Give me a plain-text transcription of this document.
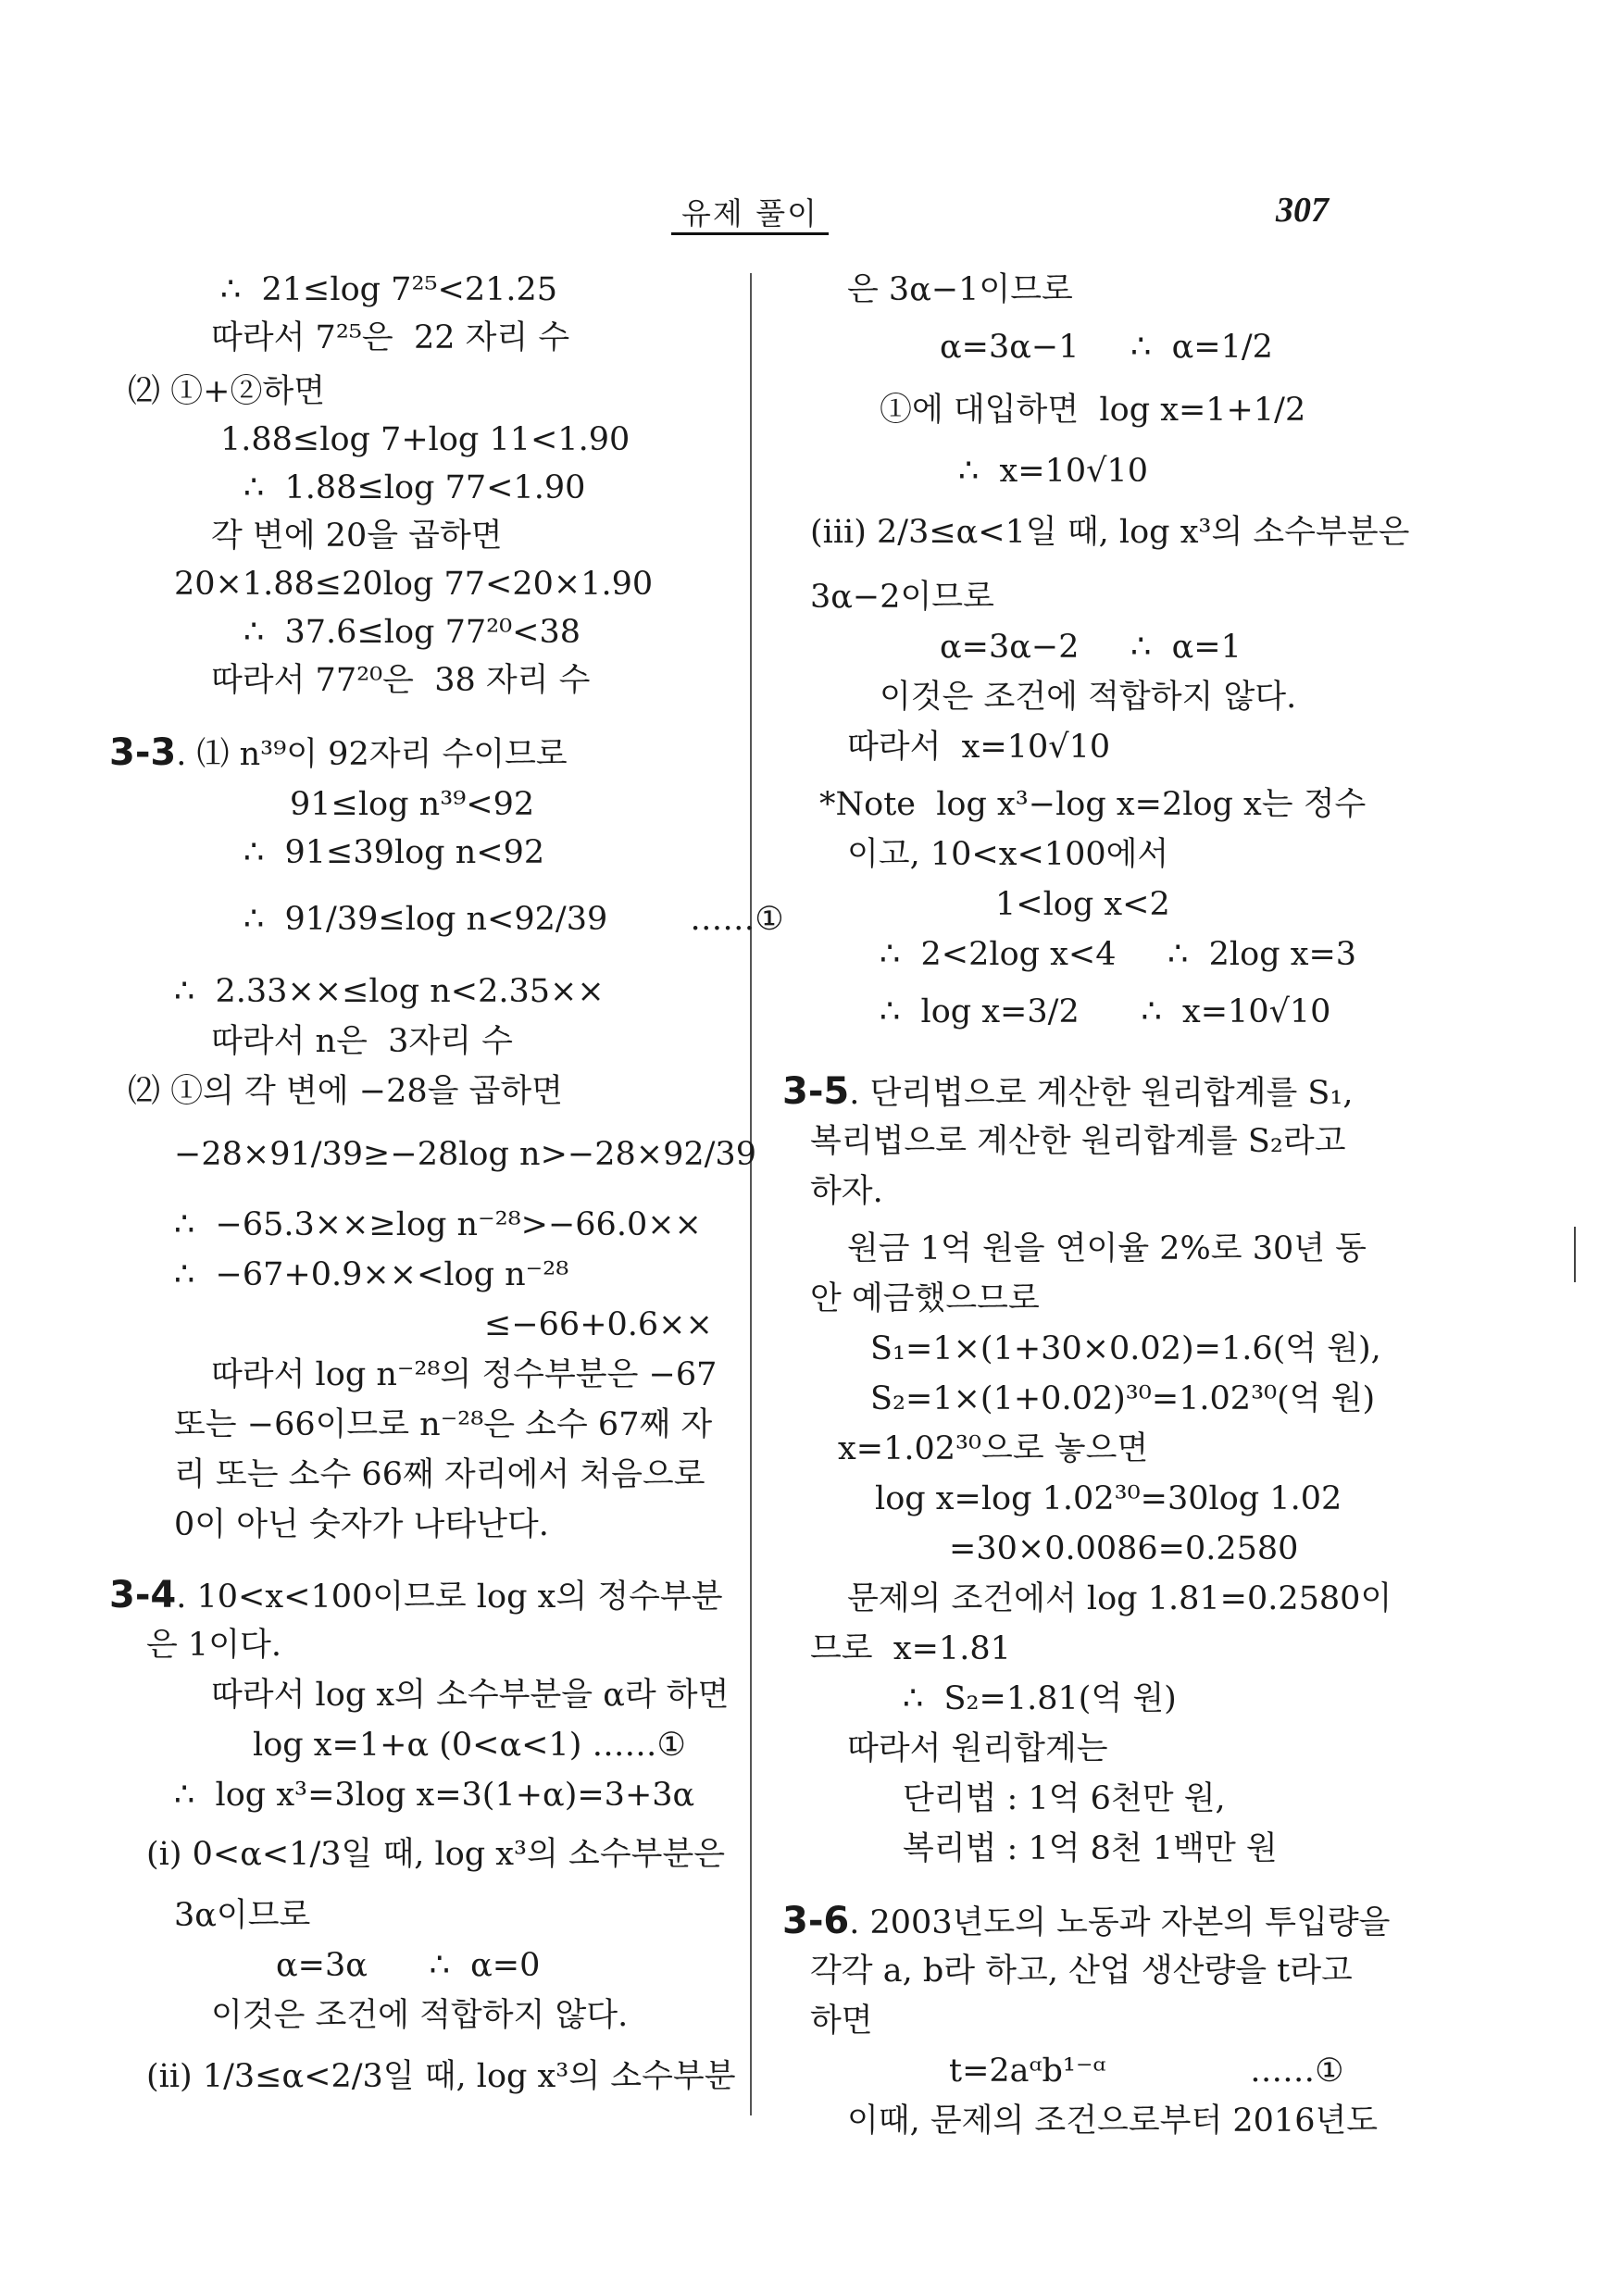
유제 풀이	307
∴  21≤log 7²⁵<21.25
따라서 7²⁵은  22 자리 수
⑵ ①+②하면
1.88≤log 7+log 11<1.90
∴  1.88≤log 77<1.90
각 변에 20을 곱하면
20×1.88≤20log 77<20×1.90
∴  37.6≤log 77²⁰<38
따라서 77²⁰은  38 자리 수
3-3. ⑴ n³⁹이 92자리 수이므로
91≤log n³⁹<92
∴  91≤39log n<92
∴  91/39≤log n<92/39        ……①
∴  2.33××≤log n<2.35××
따라서 n은  3자리 수
⑵ ①의 각 변에 −28을 곱하면
−28×91/39≥−28log n>−28×92/39
∴  −65.3××≥log n⁻²⁸>−66.0××
∴  −67+0.9××<log n⁻²⁸
≤−66+0.6××
따라서 log n⁻²⁸의 정수부분은 −67
또는 −66이므로 n⁻²⁸은 소수 67째 자
리 또는 소수 66째 자리에서 처음으로
0이 아닌 숫자가 나타난다.
3-4. 10<x<100이므로 log x의 정수부분
은 1이다.
따라서 log x의 소수부분을 α라 하면
log x=1+α (0<α<1) ……①
∴  log x³=3log x=3(1+α)=3+3α
(i) 0<α<1/3일 때, log x³의 소수부분은
3α이므로
α=3α      ∴  α=0
이것은 조건에 적합하지 않다.
(ii) 1/3≤α<2/3일 때, log x³의 소수부분
은 3α−1이므로
α=3α−1     ∴  α=1/2
①에 대입하면  log x=1+1/2
∴  x=10√10
(iii) 2/3≤α<1일 때, log x³의 소수부분은
3α−2이므로
α=3α−2     ∴  α=1
이것은 조건에 적합하지 않다.
따라서  x=10√10
*Note  log x³−log x=2log x는 정수
이고, 10<x<100에서
1<log x<2
∴  2<2log x<4     ∴  2log x=3
∴  log x=3/2      ∴  x=10√10
3-5. 단리법으로 계산한 원리합계를 S₁,
복리법으로 계산한 원리합계를 S₂라고
하자.
원금 1억 원을 연이율 2%로 30년 동
안 예금했으므로
S₁=1×(1+30×0.02)=1.6(억 원),
S₂=1×(1+0.02)³⁰=1.02³⁰(억 원)
x=1.02³⁰으로 놓으면
log x=log 1.02³⁰=30log 1.02
=30×0.0086=0.2580
문제의 조건에서 log 1.81=0.2580이
므로  x=1.81
∴  S₂=1.81(억 원)
따라서 원리합계는
단리법 : 1억 6천만 원,
복리법 : 1억 8천 1백만 원
3-6. 2003년도의 노동과 자본의 투입량을
각각 a, b라 하고, 산업 생산량을 t라고
하면
t=2aᵅb¹⁻ᵅ              ……①
이때, 문제의 조건으로부터 2016년도
